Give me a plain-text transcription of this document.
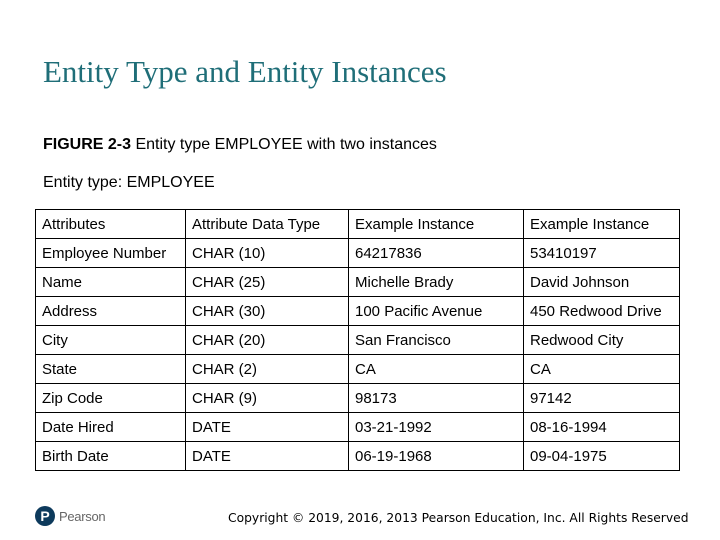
Entity Type and Entity Instances
FIGURE 2-3 Entity type EMPLOYEE with two instances
Entity type: EMPLOYEE
Attributes	Attribute Data Type	Example Instance	Example Instance
Employee Number	CHAR (10)	64217836	53410197
Name	CHAR (25)	Michelle Brady	David Johnson
Address	CHAR (30)	100 Pacific Avenue	450 Redwood Drive
City	CHAR (20)	San Francisco	Redwood City
State	CHAR (2)	CA	CA
Zip Code	CHAR (9)	98173	97142
Date Hired	DATE	03-21-1992	08-16-1994
Birth Date	DATE	06-19-1968	09-04-1975
P Pearson	Copyright © 2019, 2016, 2013 Pearson Education, Inc. All Rights Reserved
